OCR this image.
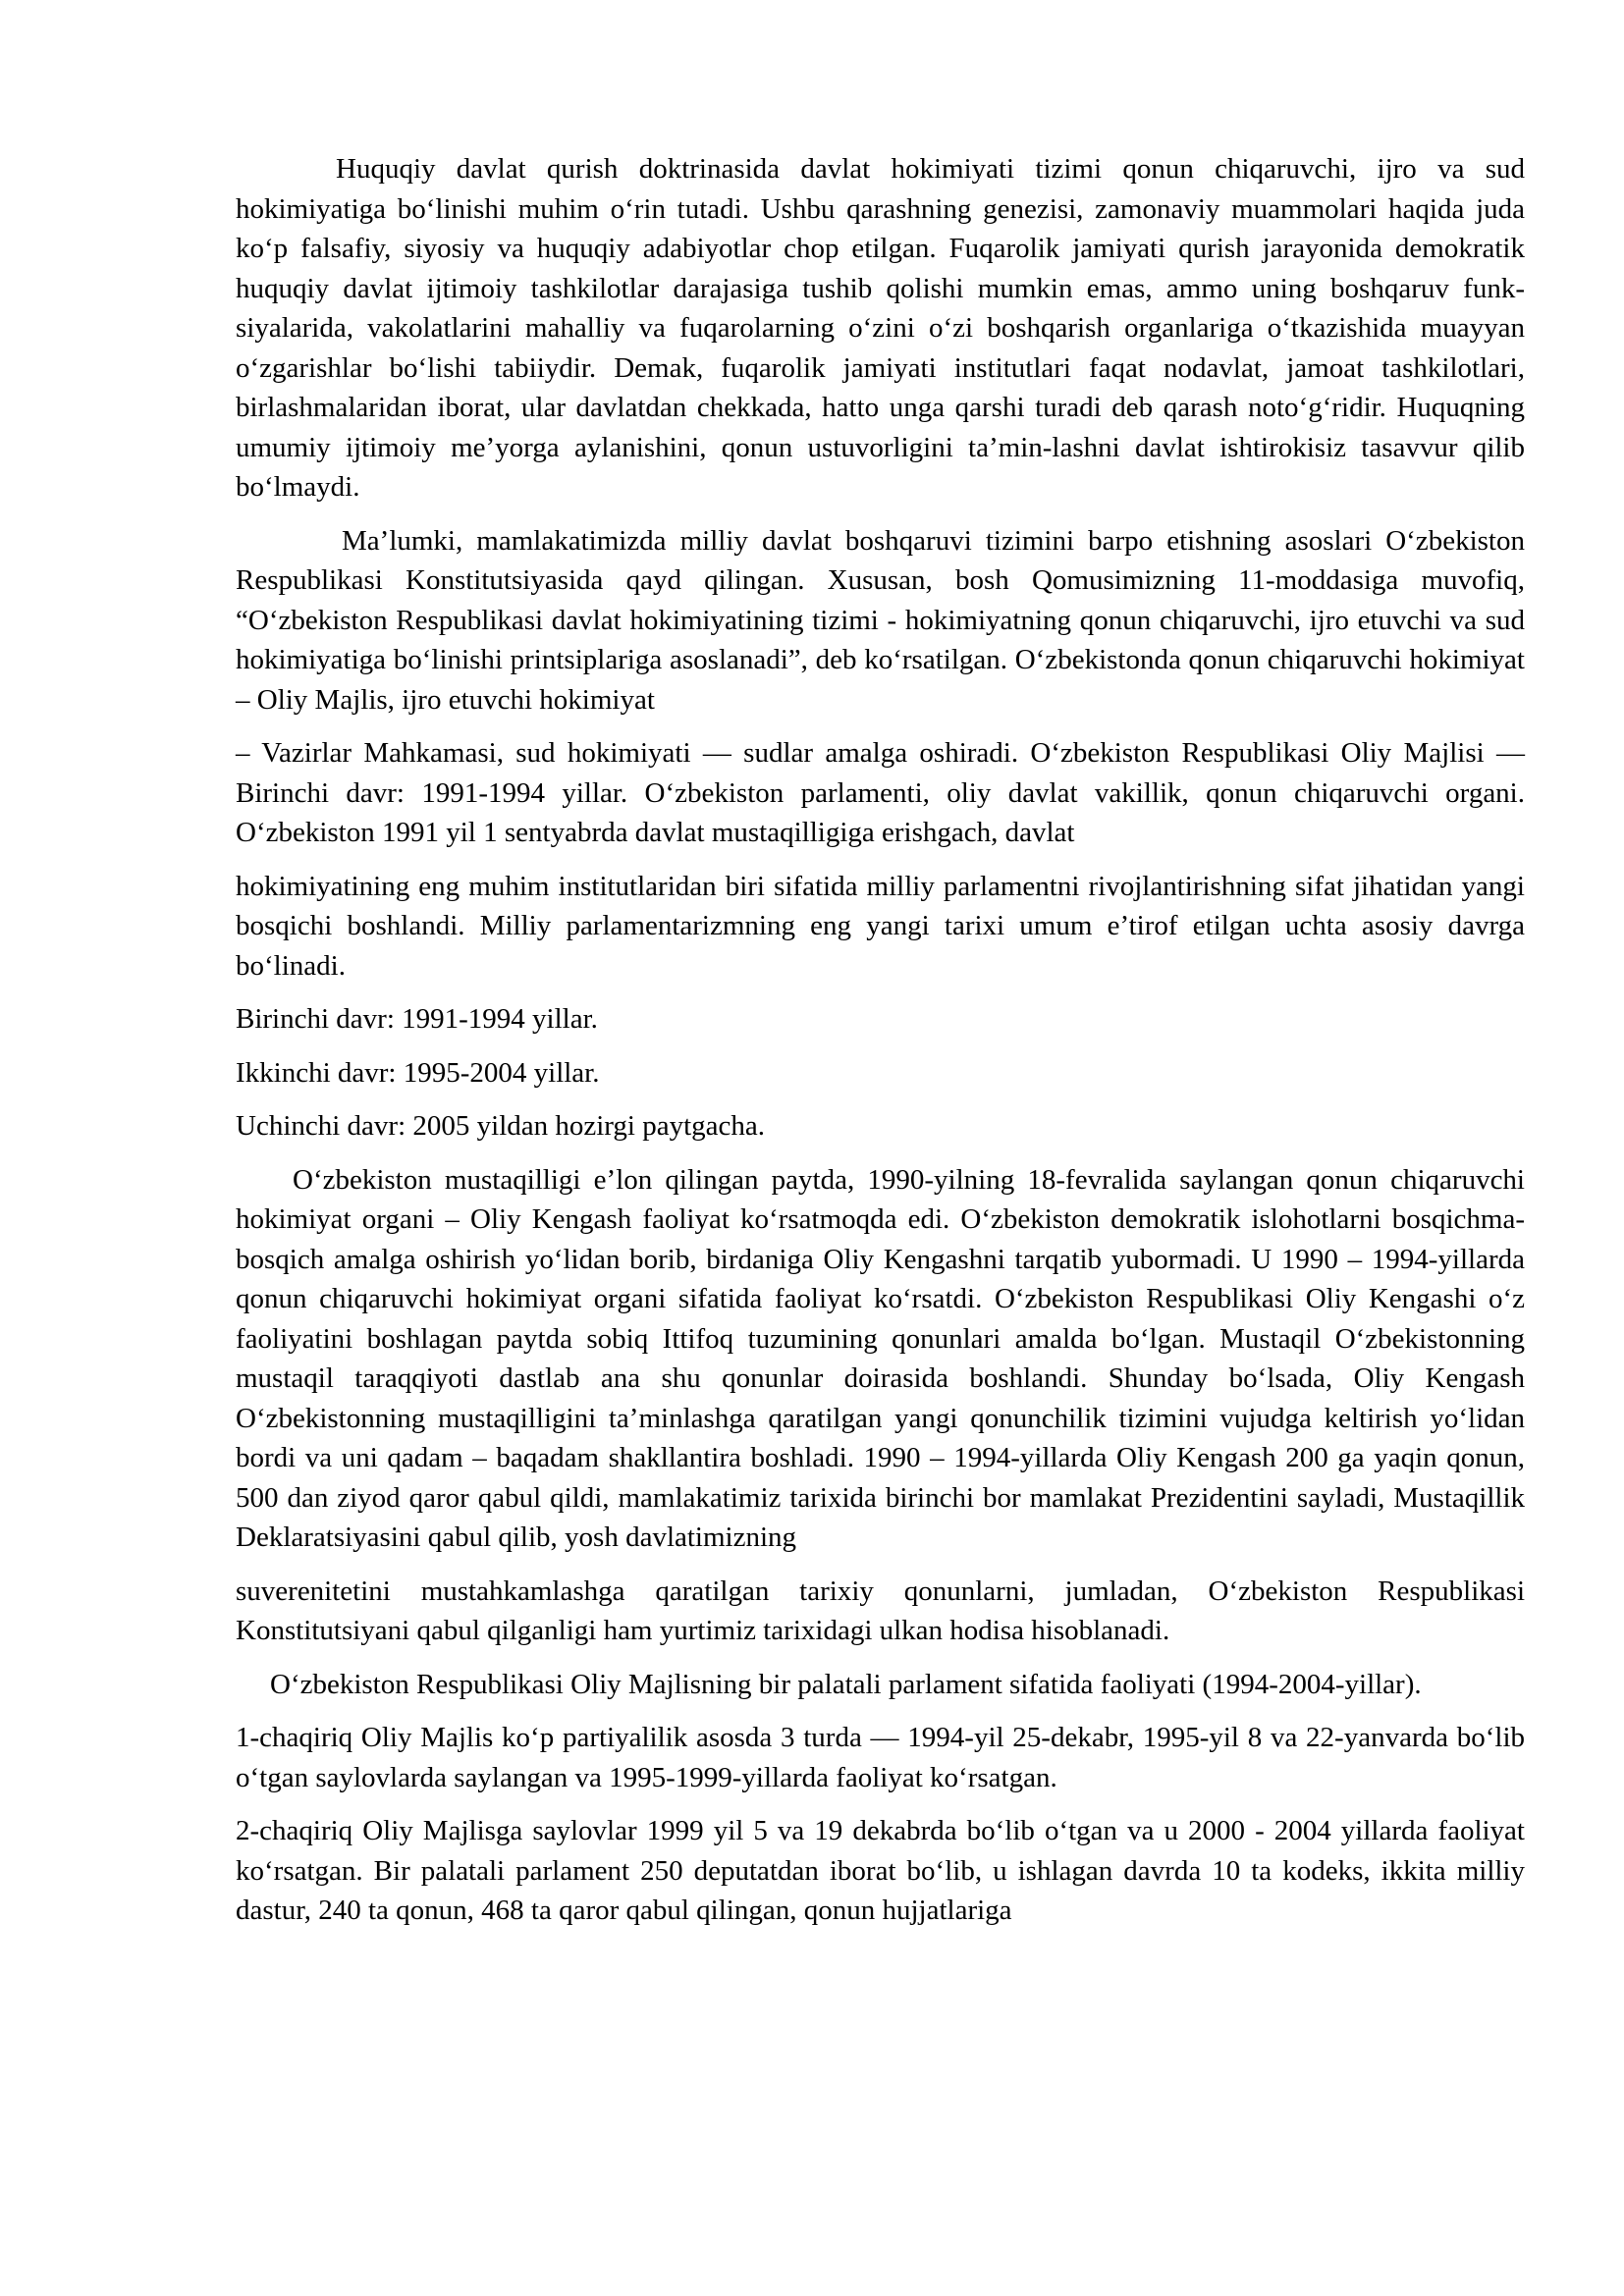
Huquqiy davlat qurish doktrinasida davlat hokimiyati tizimi qonun chiqaruvchi, ijro va sud hokimiyatiga bo‘linishi muhim o‘rin tutadi. Ushbu qarashning genezisi, zamonaviy muammolari haqida juda ko‘p falsafiy, siyosiy va huquqiy adabiyotlar chop etilgan. Fuqarolik jamiyati qurish jarayonida demokratik huquqiy davlat ijtimoiy tashkilotlar darajasiga tushib qolishi mumkin emas, ammo uning boshqaruv funk-siyalarida, vakolatlarini mahalliy va fuqarolarning o‘zini o‘zi boshqarish organlariga o‘tkazishida muayyan o‘zgarishlar bo‘lishi tabiiydir. Demak, fuqarolik jamiyati institutlari faqat nodavlat, jamoat tashkilotlari, birlashmalaridan iborat, ular davlatdan chekkada, hatto unga qarshi turadi deb qarash noto‘g‘ridir. Huquqning umumiy ijtimoiy me’yorga aylanishini, qonun ustuvorligini ta’min-lashni davlat ishtirokisiz tasavvur qilib bo‘lmaydi.

Ma’lumki, mamlakatimizda milliy davlat boshqaruvi tizimini barpo etishning asoslari O‘zbekiston Respublikasi Konstitutsiyasida qayd qilingan. Xususan, bosh Qomusimizning 11-moddasiga muvofiq, “O‘zbekiston Respublikasi davlat hokimiyatining tizimi - hokimiyatning qonun chiqaruvchi, ijro etuvchi va sud hokimiyatiga bo‘linishi printsiplariga asoslanadi”, deb ko‘rsatilgan. O‘zbekistonda qonun chiqaruvchi hokimiyat – Oliy Majlis, ijro etuvchi hokimiyat

– Vazirlar Mahkamasi, sud hokimiyati — sudlar amalga oshiradi. O‘zbekiston Respublikasi Oliy Majlisi — Birinchi davr: 1991-1994 yillar. O‘zbekiston parlamenti, oliy davlat vakillik, qonun chiqaruvchi organi. O‘zbekiston 1991 yil 1 sentyabrda davlat mustaqilligiga erishgach, davlat

hokimiyatining eng muhim institutlaridan biri sifatida milliy parlamentni rivojlantirishning sifat jihatidan yangi bosqichi boshlandi. Milliy parlamentarizmning eng yangi tarixi umum e’tirof etilgan uchta asosiy davrga bo‘linadi.

Birinchi davr: 1991-1994 yillar.

Ikkinchi davr: 1995-2004 yillar.

Uchinchi davr: 2005 yildan hozirgi paytgacha.

O‘zbekiston mustaqilligi e’lon qilingan paytda, 1990-yilning 18-fevralida saylangan qonun chiqaruvchi hokimiyat organi – Oliy Kengash faoliyat ko‘rsatmoqda edi. O‘zbekiston demokratik islohotlarni bosqichma-bosqich amalga oshirish yo‘lidan borib, birdaniga Oliy Kengashni tarqatib yubormadi. U 1990 – 1994-yillarda qonun chiqaruvchi hokimiyat organi sifatida faoliyat ko‘rsatdi. O‘zbekiston Respublikasi Oliy Kengashi o‘z faoliyatini boshlagan paytda sobiq Ittifoq tuzumining qonunlari amalda bo‘lgan. Mustaqil O‘zbekistonning mustaqil taraqqiyoti dastlab ana shu qonunlar doirasida boshlandi. Shunday bo‘lsada, Oliy Kengash O‘zbekistonning mustaqilligini ta’minlashga qaratilgan yangi qonunchilik tizimini vujudga keltirish yo‘lidan bordi va uni qadam – baqadam shakllantira boshladi. 1990 – 1994-yillarda Oliy Kengash 200 ga yaqin qonun, 500 dan ziyod qaror qabul qildi, mamlakatimiz tarixida birinchi bor mamlakat Prezidentini sayladi, Mustaqillik Deklaratsiyasini qabul qilib, yosh davlatimizning

suverenitetini mustahkamlashga qaratilgan tarixiy qonunlarni, jumladan, O‘zbekiston Respublikasi Konstitutsiyani qabul qilganligi ham yurtimiz tarixidagi ulkan hodisa hisoblanadi.

O‘zbekiston Respublikasi Oliy Majlisning bir palatali parlament sifatida faoliyati (1994-2004-yillar).

1-chaqiriq Oliy Majlis ko‘p partiyalilik asosda 3 turda — 1994-yil 25-dekabr, 1995-yil 8 va 22-yanvarda bo‘lib o‘tgan saylovlarda saylangan va 1995-1999-yillarda faoliyat ko‘rsatgan.

2-chaqiriq Oliy Majlisga saylovlar 1999 yil 5 va 19 dekabrda bo‘lib o‘tgan va u 2000 - 2004 yillarda faoliyat ko‘rsatgan. Bir palatali parlament 250 deputatdan iborat bo‘lib, u ishlagan davrda 10 ta kodeks, ikkita milliy dastur, 240 ta qonun, 468 ta qaror qabul qilingan, qonun hujjatlariga
